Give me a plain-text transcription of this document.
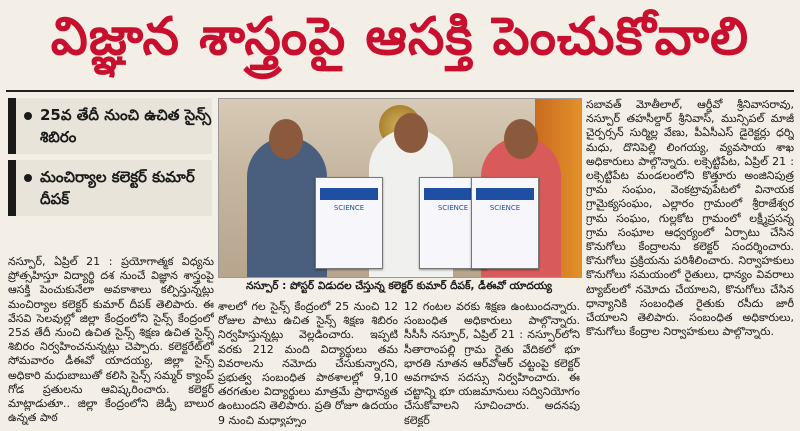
విజ్ఞాన శాస్త్రంపై ఆసక్తి పెంచుకోవాలి
25వ తేదీ నుంచి ఉచిత సైన్స్‌ శిబిరం
మంచిర్యాల కలెక్టర్‌ కుమార్‌ దీపక్‌	SCIENCE	SCIENCE	SCIENCE
నస్పూర్‌ : పోస్టర్‌ విడుదల చేస్తున్న కలెక్టర్‌ కుమార్‌ దీపక్‌, డీఈవో యాదయ్య

నస్పూర్‌, ఏప్రిల్‌ 21 : ప్రయోగాత్మక విధ్యను ప్రోత్సహిస్తూ విద్యార్థి దశ నుంచే విజ్ఞాన శాస్త్రంపై ఆసక్తి పెంచుకునేలా అవకాశాలు కల్పిస్తున్నట్లు మంచిర్యాల కలెక్టర్‌ కుమార్‌ దీపక్‌ తెలిపారు. ఈ వేసవి సెలవుల్లో జిల్లా కేంద్రంలోని సైన్స్‌ కేంద్రంలో 25వ తేదీ నుంచి ఉచిత సైన్స్‌ శిక్షణ ఉచిత సైన్స్‌ శిబిరం నిర్వహించనున్నట్లు చెప్పారు. కలెక్టరేట్‌లో సోమవారం డీఈవో యాదయ్య, జిల్లా సైన్స్‌ అధికారి మధుబాబుతో కలిసి సైన్స్‌ సమ్మర్‌ క్యాంప్‌ గోడ ప్రతులను ఆవిష్కరించారు. కలెక్టర్‌ మాట్లాడుతూ.. జిల్లా కేంద్రంలోని జెడ్పీ బాలుర ఉన్నత పాఠ

శాలలో గల సైన్స్‌ కేంద్రంలో 25 నుంచి 12 రోజుల పాటు ఉచిత సైన్స్‌ శిక్షణ శిబిరం నిర్వహిస్తున్నట్లు వెల్లడించారు. ఇప్పటి వరకు 212 మంది విద్యార్థులు తమ వివరాలను నమోదు చేసుకున్నారని, ప్రభుత్వ సంబంధిత పాఠశాలల్లో 9,10 తరగతుల విద్యార్థులు మాత్రమే ప్రాధాన్యత ఉంటుందని తెలిపారు. ప్రతి రోజూ ఉదయం 9 నుంచి మధ్యాహ్నం

12 గంటల వరకు శిక్షణ ఉంటుందన్నారు. సంబంధిత అధికారులు పాల్గొన్నారు. సీసీసీ నస్పూర్‌, ఏప్రిల్‌ 21 : నస్పూర్‌లోని సీతారాంపల్లి గ్రామ రైతు వేదికలో భూ భారతి నూతన ఆర్‌వోఆర్‌ చట్టంపై కలెక్టర్‌ అవగాహన సదస్సు నిర్వహించారు. ఈ చట్టాన్ని భూ యజమానులు సద్వినియోగం చేసుకోవాలని సూచించారు. అదనపు కలెక్టర్‌

సబావత్‌ మోతీలాల్‌, ఆర్డీవో శ్రీనివాసరావు, నస్పూర్‌ తహసీల్దార్‌ శ్రీనివాస్‌, మున్సిపల్‌ మాజీ చైర్పర్సన్‌ సుర్మిల్ల వేణు, పీఏసీఎస్‌ డైరెక్టర్లు ధర్ని మధు, దొనిపెల్లి లింగయ్య, వ్యవసాయ శాఖ అధికారులు పాల్గొన్నారు. లక్సెట్టిపేట, ఏప్రిల్‌ 21 : లక్సెట్టిపేట మండలంలోని కొత్తూరు అంజినిపుత్ర గ్రామ సంఘం, వెంకట్రావుపేటలో వినాయక గ్రామైక్యసంఘం, ఎల్లారం గ్రామంలో శ్రీరాజేశ్వర గ్రామ సంఘం, గుల్లకోట గ్రామంలో లక్ష్మీప్రసన్న గ్రామ సంఘాల ఆధ్వర్యంలో ఏర్పాటు చేసిన కొనుగోలు కేంద్రాలను కలెక్టర్‌ సందర్శించారు. కొనుగోలు ప్రక్రియను పరిశీలించారు. నిర్వాహకులు కొనుగోలు సమయంలో రైతులు, ధాన్యం వివరాలు ట్యాబ్‌లలో నమోదు చేయాలని, కొనుగోలు చేసిన ధాన్యానికి సంబంధిత రైతుకు రసీదు జారీ చేయాలని తెలిపారు. సంబంధిత అధికారులు, కొనుగోలు కేంద్రాల నిర్వాహకులు పాల్గొన్నారు.
